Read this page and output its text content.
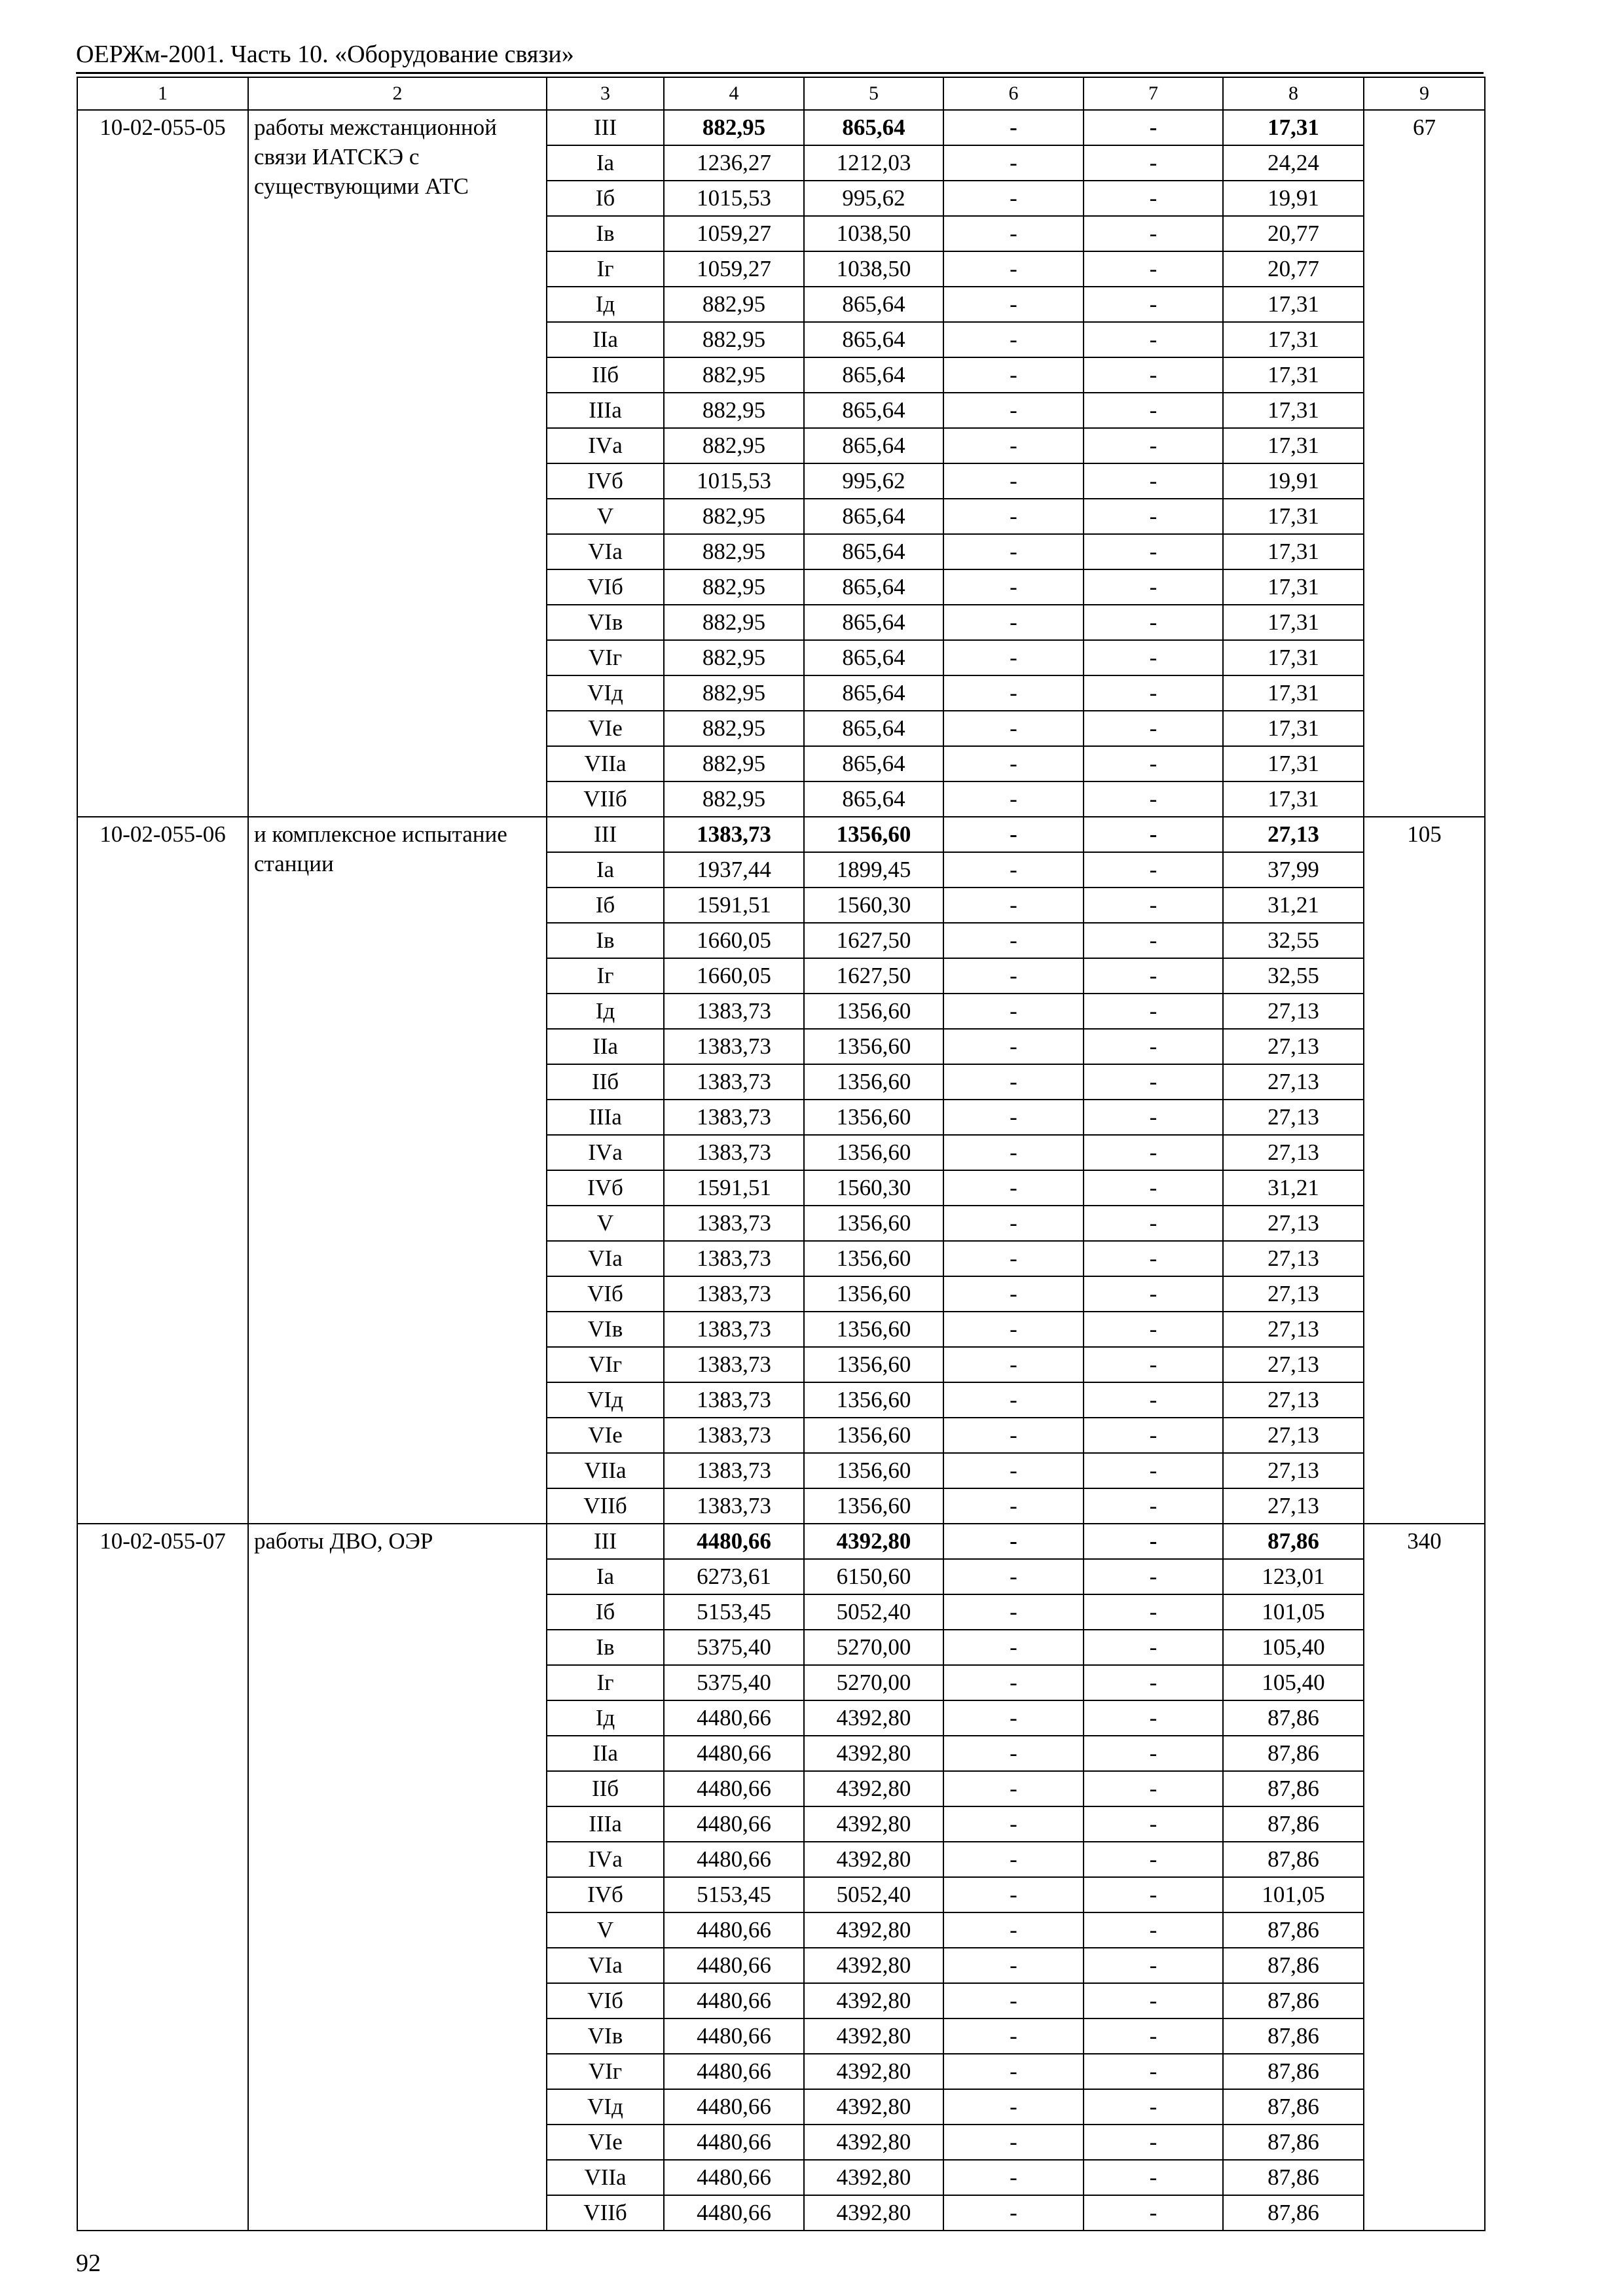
ОЕРЖм-2001. Часть 10. «Оборудование связи»
1	2	3	4	5	6	7	8	9
10-02-055-05	работы межстанционной связи ИАТСКЭ с существующими АТС	III	882,95	865,64	-	-	17,31	67
		Iа	1236,27	1212,03	-	-	24,24	
		Iб	1015,53	995,62	-	-	19,91	
		Iв	1059,27	1038,50	-	-	20,77	
		Iг	1059,27	1038,50	-	-	20,77	
		Iд	882,95	865,64	-	-	17,31	
		IIа	882,95	865,64	-	-	17,31	
		IIб	882,95	865,64	-	-	17,31	
		IIIа	882,95	865,64	-	-	17,31	
		IVа	882,95	865,64	-	-	17,31	
		IVб	1015,53	995,62	-	-	19,91	
		V	882,95	865,64	-	-	17,31	
		VIа	882,95	865,64	-	-	17,31	
		VIб	882,95	865,64	-	-	17,31	
		VIв	882,95	865,64	-	-	17,31	
		VIг	882,95	865,64	-	-	17,31	
		VIд	882,95	865,64	-	-	17,31	
		VIе	882,95	865,64	-	-	17,31	
		VIIа	882,95	865,64	-	-	17,31	
		VIIб	882,95	865,64	-	-	17,31	
10-02-055-06	и комплексное испытание станции	III	1383,73	1356,60	-	-	27,13	105
		Iа	1937,44	1899,45	-	-	37,99	
		Iб	1591,51	1560,30	-	-	31,21	
		Iв	1660,05	1627,50	-	-	32,55	
		Iг	1660,05	1627,50	-	-	32,55	
		Iд	1383,73	1356,60	-	-	27,13	
		IIа	1383,73	1356,60	-	-	27,13	
		IIб	1383,73	1356,60	-	-	27,13	
		IIIа	1383,73	1356,60	-	-	27,13	
		IVа	1383,73	1356,60	-	-	27,13	
		IVб	1591,51	1560,30	-	-	31,21	
		V	1383,73	1356,60	-	-	27,13	
		VIа	1383,73	1356,60	-	-	27,13	
		VIб	1383,73	1356,60	-	-	27,13	
		VIв	1383,73	1356,60	-	-	27,13	
		VIг	1383,73	1356,60	-	-	27,13	
		VIд	1383,73	1356,60	-	-	27,13	
		VIе	1383,73	1356,60	-	-	27,13	
		VIIа	1383,73	1356,60	-	-	27,13	
		VIIб	1383,73	1356,60	-	-	27,13	
10-02-055-07	работы ДВО, ОЭР	III	4480,66	4392,80	-	-	87,86	340
		Iа	6273,61	6150,60	-	-	123,01	
		Iб	5153,45	5052,40	-	-	101,05	
		Iв	5375,40	5270,00	-	-	105,40	
		Iг	5375,40	5270,00	-	-	105,40	
		Iд	4480,66	4392,80	-	-	87,86	
		IIа	4480,66	4392,80	-	-	87,86	
		IIб	4480,66	4392,80	-	-	87,86	
		IIIа	4480,66	4392,80	-	-	87,86	
		IVа	4480,66	4392,80	-	-	87,86	
		IVб	5153,45	5052,40	-	-	101,05	
		V	4480,66	4392,80	-	-	87,86	
		VIа	4480,66	4392,80	-	-	87,86	
		VIб	4480,66	4392,80	-	-	87,86	
		VIв	4480,66	4392,80	-	-	87,86	
		VIг	4480,66	4392,80	-	-	87,86	
		VIд	4480,66	4392,80	-	-	87,86	
		VIе	4480,66	4392,80	-	-	87,86	
		VIIа	4480,66	4392,80	-	-	87,86	
		VIIб	4480,66	4392,80	-	-	87,86	
92
